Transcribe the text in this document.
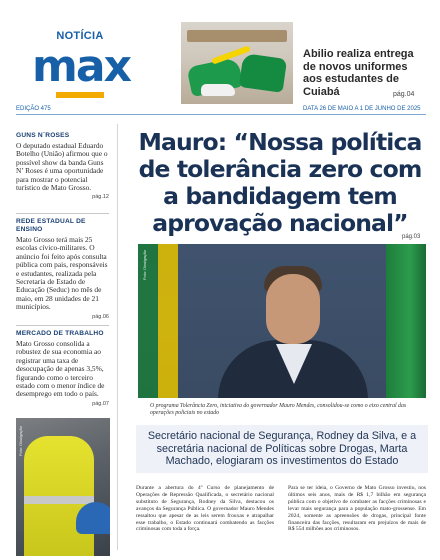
NOTÍCIA
max	Abilio realiza entrega de novos uniformes aos estudantes de Cuiabá	pág.04
EDIÇÃO 475	DATA 26 DE MAIO A 1 DE JUNHO DE 2025
GUNS N´ROSES
O deputado estadual Eduardo Botelho (União) afirmou que o possível show da banda Guns N’ Roses é uma oportunidade para mostrar o potencial turístico de Mato Grosso.
pág.12
REDE ESTADUAL DE ENSINO
Mato Grosso terá mais 25 escolas cívico-militares. O anúncio foi feito após consulta pública com pais, responsáveis e estudantes, realizada pela Secretaria de Estado de Educação (Seduc) no mês de maio, em 28 unidades de 21 municípios.
pág.06
MERCADO DE TRABALHO
Mato Grosso consolida a robustez de sua economia ao registrar uma taxa de desocupação de apenas 3,5%, figurando como o terceiro estado com o menor índice de desemprego em todo o país.
pág.07
Foto: Divulgação
Mauro: “Nossa política de tolerância zero com a bandidagem tem aprovação nacional”
pág.03
Foto: Divulgação
O programa Tolerância Zero, iniciativa do governador Mauro Mendes, consolidou-se como o eixo central das operações policiais no estado
Secretário nacional de Segurança, Rodney da Silva, e a secretária nacional de Políticas sobre Drogas, Marta Machado, elogiaram os investimentos do Estado
Durante a abertura do 4º Curso de planejamento de Operações de Repressão Qualificada, o secretário nacional substituto de Segurança, Rodney da Silva, destacou os avanços da Segurança Pública. O governador Mauro Mendes ressaltou que apesar de as leis serem frouxas e atrapalhar esse trabalho, o Estado continuará combatendo as facções criminosas com toda a força.
Para se ter ideia, o Governo de Mato Grosso investiu, nos últimos seis anos, mais de R$ 1,7 bilhão em segurança pública com o objetivo de combater as facções criminosas e levar mais segurança para a população mato-grossense. Em 2024, somente as apreensões de drogas, principal fonte financeira das facções, resultaram em prejuízos de mais de R$ 554 milhões aos criminosos.
